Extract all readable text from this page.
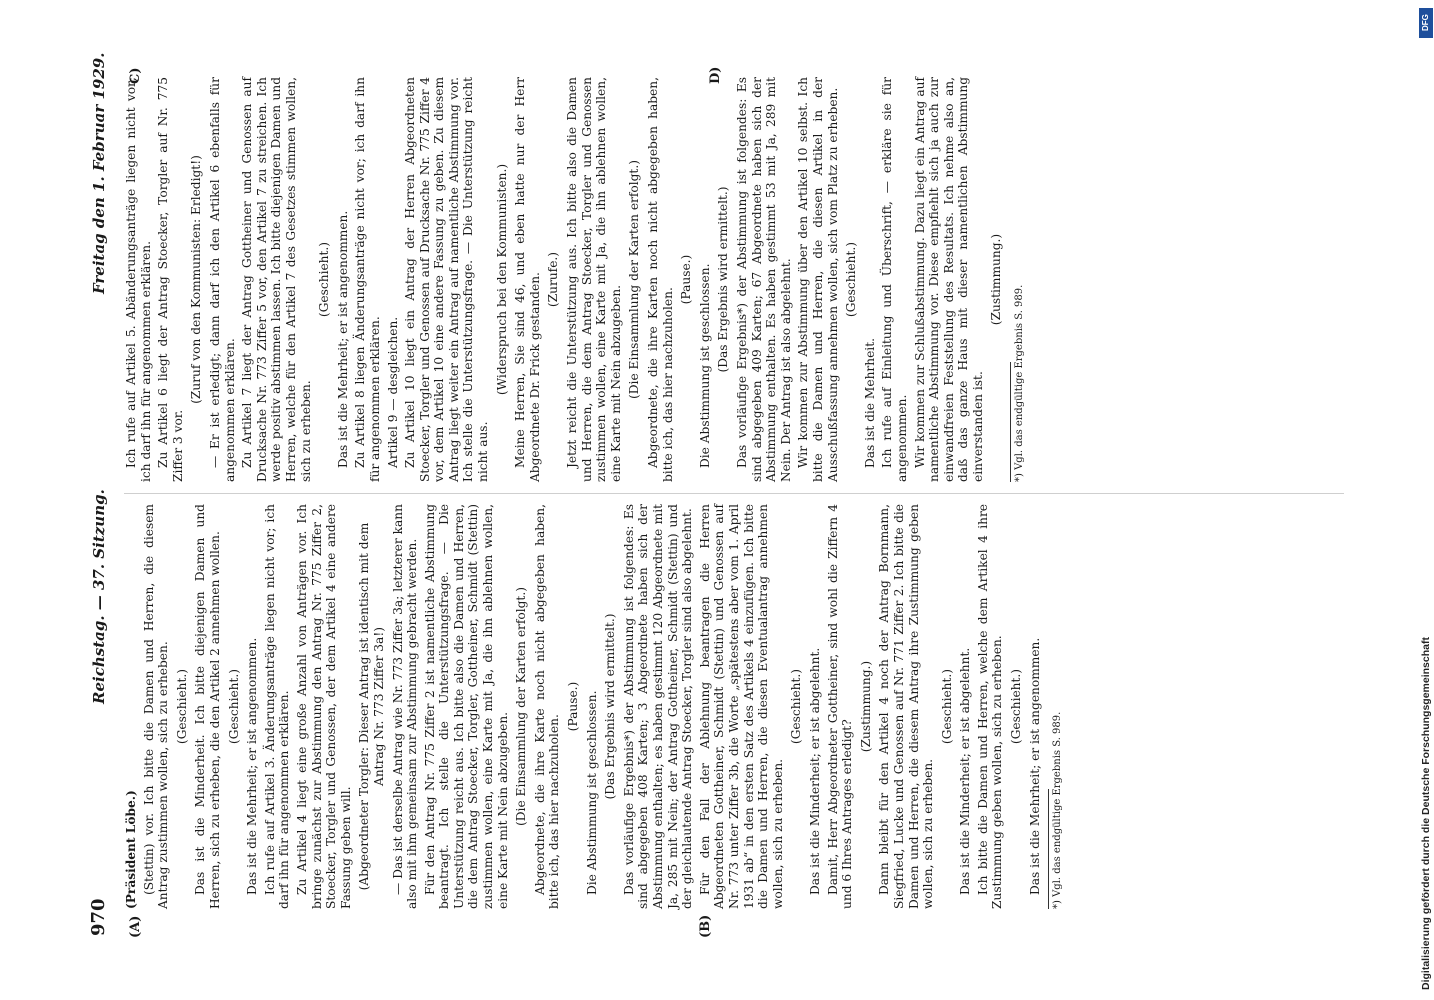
970
Reichstag. — 37. Sitzung.
Freitag den 1. Februar 1929.
(A)	(B)
C)	D)

(Präsident Löbe.) (Stettin) vor. Ich bitte die Damen und Herren, die diesem Antrag zustimmen wollen, sich zu erheben. (Geschieht.) Das ist die Minderheit. Ich bitte diejenigen Damen und Herren, sich zu erheben, die den Artikel 2 annehmen wollen. (Geschieht.) Das ist die Mehrheit; er ist angenommen. Ich rufe auf Artikel 3. Änderungsanträge liegen nicht vor; ich darf ihn für angenommen erklären. Zu Artikel 4 liegt eine große Anzahl von Anträgen vor. Ich bringe zunächst zur Abstimmung den Antrag Nr. 775 Ziffer 2, Stoecker, Torgler und Genossen, der dem Artikel 4 eine andere Fassung geben will. (Abgeordneter Torgler: Dieser Antrag ist identisch mit dem Antrag Nr. 773 Ziffer 3a!) — Das ist derselbe Antrag wie Nr. 773 Ziffer 3a; letzterer kann also mit ihm gemeinsam zur Abstimmung gebracht werden. Für den Antrag Nr. 775 Ziffer 2 ist namentliche Abstimmung beantragt. Ich stelle die Unterstützungsfrage. — Die Unterstützung reicht aus. Ich bitte also die Damen und Herren, die dem Antrag Stoecker, Torgler, Gottheiner, Schmidt (Stettin) zustimmen wollen, eine Karte mit Ja, die ihn ablehnen wollen, eine Karte mit Nein abzugeben. (Die Einsammlung der Karten erfolgt.) Abgeordnete, die ihre Karte noch nicht abgegeben haben, bitte ich, das hier nachzuholen.

(Pause.) Die Abstimmung ist geschlossen. (Das Ergebnis wird ermittelt.) Das vorläufige Ergebnis*) der Abstimmung ist folgendes: Es sind abgegeben 408 Karten; 3 Abgeordnete haben sich der Abstimmung enthalten; es haben gestimmt 120 Abgeordnete mit Ja, 285 mit Nein; der Antrag Gottheiner, Schmidt (Stettin) und der gleichlautende Antrag Stoecker, Torgler sind also abgelehnt. Für den Fall der Ablehnung beantragen die Herren Abgeordneten Gottheiner, Schmidt (Stettin) und Genossen auf Nr. 773 unter Ziffer 3b, die Worte „spätestens aber vom 1. April 1931 ab“ in den ersten Satz des Artikels 4 einzufügen. Ich bitte die Damen und Herren, die diesen Eventualantrag annehmen wollen, sich zu erheben.

(Geschieht.) Das ist die Minderheit; er ist abgelehnt. Damit, Herr Abgeordneter Gottheiner, sind wohl die Ziffern 4 und 6 Ihres Antrages erledigt?

(Zustimmung.) Dann bleibt für den Artikel 4 noch der Antrag Bornmann, Siegfried, Lucke und Genossen auf Nr. 771 Ziffer 2. Ich bitte die Damen und Herren, die diesem Antrag ihre Zustimmung geben wollen, sich zu erheben.

(Geschieht.) Das ist die Minderheit; er ist abgelehnt. Ich bitte die Damen und Herren, welche dem Artikel 4 ihre Zustimmung geben wollen, sich zu erheben. (Geschieht.) Das ist die Mehrheit; er ist angenommen. *) Vgl. das endgültige Ergebnis S. 989.

Ich rufe auf Artikel 5. Abänderungsanträge liegen nicht vor; ich darf ihn für angenommen erklären. Zu Artikel 6 liegt der Antrag Stoecker, Torgler auf Nr. 775 Ziffer 3 vor.

(Zuruf von den Kommunisten: Erledigt!) — Er ist erledigt; dann darf ich den Artikel 6 ebenfalls für angenommen erklären. Zu Artikel 7 liegt der Antrag Gottheiner und Genossen auf Drucksache Nr. 773 Ziffer 5 vor, den Artikel 7 zu streichen. Ich werde positiv abstimmen lassen. Ich bitte diejenigen Damen und Herren, welche für den Artikel 7 des Gesetzes stimmen wollen, sich zu erheben.

(Geschieht.) Das ist die Mehrheit; er ist angenommen. Zu Artikel 8 liegen Änderungsanträge nicht vor; ich darf ihn für angenommen erklären. Artikel 9 — desgleichen. Zu Artikel 10 liegt ein Antrag der Herren Abgeordneten Stoecker, Torgler und Genossen auf Drucksache Nr. 775 Ziffer 4 vor, dem Artikel 10 eine andere Fassung zu geben. Zu diesem Antrag liegt weiter ein Antrag auf namentliche Abstimmung vor. Ich stelle die Unterstützungsfrage. — Die Unterstützung reicht nicht aus.

(Widerspruch bei den Kommunisten.) Meine Herren, Sie sind 46, und eben hatte nur der Herr Abgeordnete Dr. Frick gestanden. (Zurufe.) Jetzt reicht die Unterstützung aus. Ich bitte also die Damen und Herren, die dem Antrag Stoecker, Torgler und Genossen zustimmen wollen, eine Karte mit Ja, die ihn ablehnen wollen, eine Karte mit Nein abzugeben. (Die Einsammlung der Karten erfolgt.) Abgeordnete, die ihre Karten noch nicht abgegeben haben, bitte ich, das hier nachzuholen.

(Pause.) Die Abstimmung ist geschlossen. (Das Ergebnis wird ermittelt.) Das vorläufige Ergebnis*) der Abstimmung ist folgendes: Es sind abgegeben 409 Karten; 67 Abgeordnete haben sich der Abstimmung enthalten. Es haben gestimmt 53 mit Ja, 289 mit Nein. Der Antrag ist also abgelehnt. Wir kommen zur Abstimmung über den Artikel 10 selbst. Ich bitte die Damen und Herren, die diesen Artikel in der Ausschußfassung annehmen wollen, sich vom Platz zu erheben. (Geschieht.)

Das ist die Mehrheit. Ich rufe auf Einleitung und Überschrift, — erkläre sie für angenommen. Wir kommen zur Schlußabstimmung. Dazu liegt ein Antrag auf namentliche Abstimmung vor. Diese empfiehlt sich ja auch zur einwandfreien Feststellung des Resultats. Ich nehme also an, daß das ganze Haus mit dieser namentlichen Abstimmung einverstanden ist.

(Zustimmung.)

*) Vgl. das endgültige Ergebnis S. 989.

Digitalisierung gefördert durch die Deutsche Forschungsgemeinschaft
DFG
